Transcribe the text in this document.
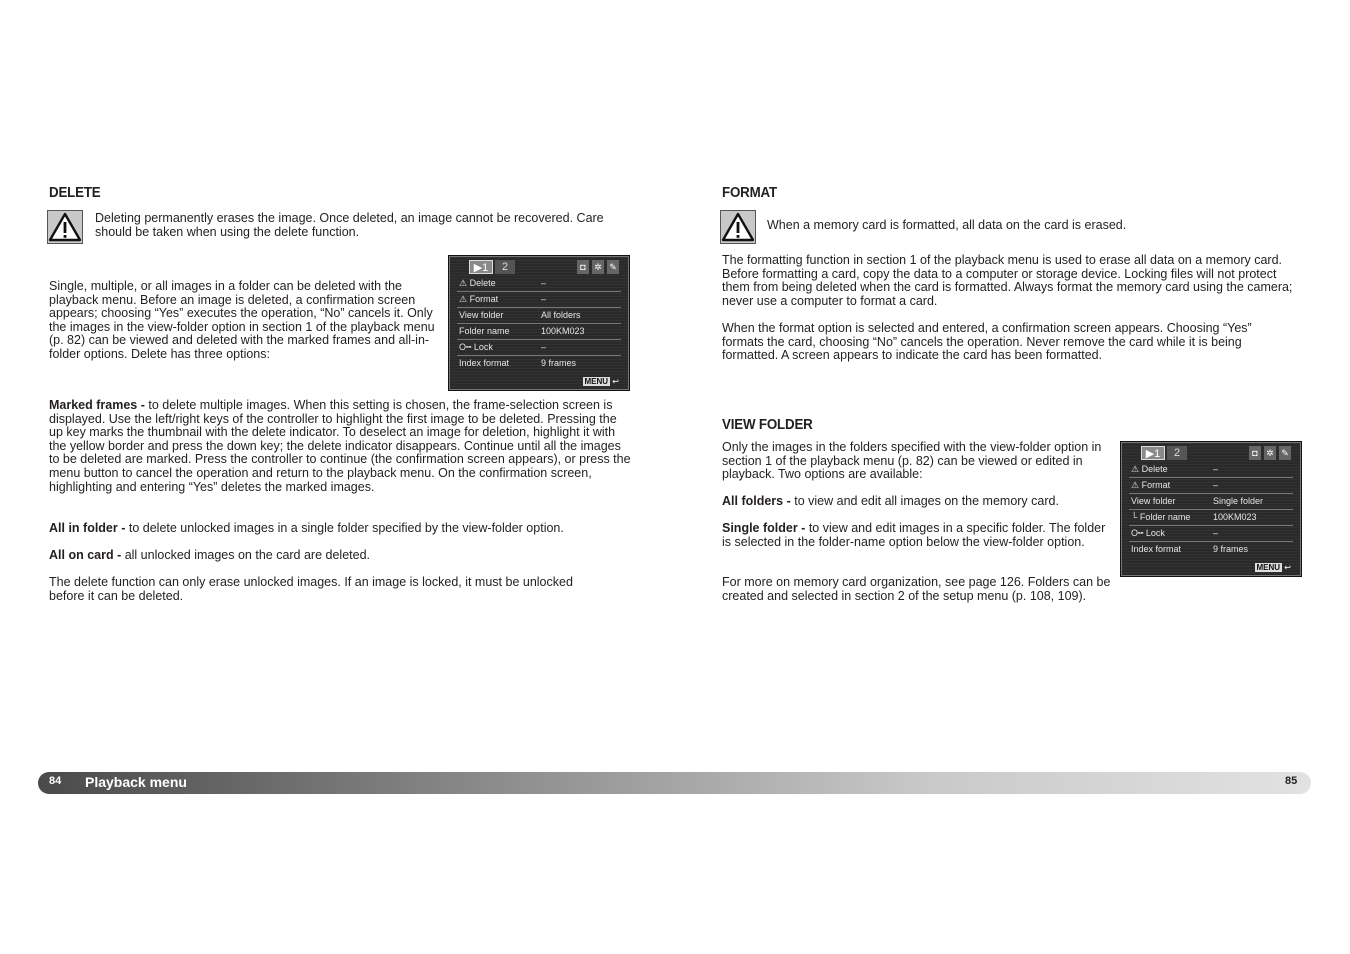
DELETE
Deleting permanently erases the image. Once deleted, an image cannot be recovered. Care should be taken when using the delete function.
Single, multiple, or all images in a folder can be deleted with the playback menu. Before an image is deleted, a confirmation screen appears; choosing “Yes” executes the operation, “No” cancels it. Only the images in the view-folder option in section 1 of the playback menu (p. 82) can be viewed and deleted with the marked frames and all-in-folder options. Delete has three options:
▶1	2	◘ ✲ ✎
⚠ Delete	–
⚠ Format	–
View folder	All folders
Folder name	100KM023
O╍ Lock	–
Index format	9 frames
MENU ↩
Marked frames - to delete multiple images. When this setting is chosen, the frame-selection screen is displayed. Use the left/right keys of the controller to highlight the first image to be deleted. Pressing the up key marks the thumbnail with the delete indicator. To deselect an image for deletion, highlight it with the yellow border and press the down key; the delete indicator disappears. Continue until all the images to be deleted are marked. Press the controller to continue (the confirmation screen appears), or press the menu button to cancel the operation and return to the playback menu. On the confirmation screen, highlighting and entering “Yes” deletes the marked images.
All in folder - to delete unlocked images in a single folder specified by the view-folder option.
All on card - all unlocked images on the card are deleted.
The delete function can only erase unlocked images. If an image is locked, it must be unlocked before it can be deleted.
FORMAT
When a memory card is formatted, all data on the card is erased.
The formatting function in section 1 of the playback menu is used to erase all data on a memory card. Before formatting a card, copy the data to a computer or storage device. Locking files will not protect them from being deleted when the card is formatted. Always format the memory card using the camera; never use a computer to format a card.
When the format option is selected and entered, a confirmation screen appears. Choosing “Yes” formats the card, choosing “No” cancels the operation. Never remove the card while it is being formatted. A screen appears to indicate the card has been formatted.
VIEW FOLDER
Only the images in the folders specified with the view-folder option in section 1 of the playback menu (p. 82) can be viewed or edited in playback. Two options are available:
All folders - to view and edit all images on the memory card.
Single folder - to view and edit images in a specific folder. The folder is selected in the folder-name option below the view-folder option.
For more on memory card organization, see page 126. Folders can be created and selected in section 2 of the setup menu (p. 108, 109).
▶1	2	◘ ✲ ✎
⚠ Delete	–
⚠ Format	–
View folder	Single folder
└ Folder name	100KM023
O╍ Lock	–
Index format	9 frames
MENU ↩
84 Playback menu	85
